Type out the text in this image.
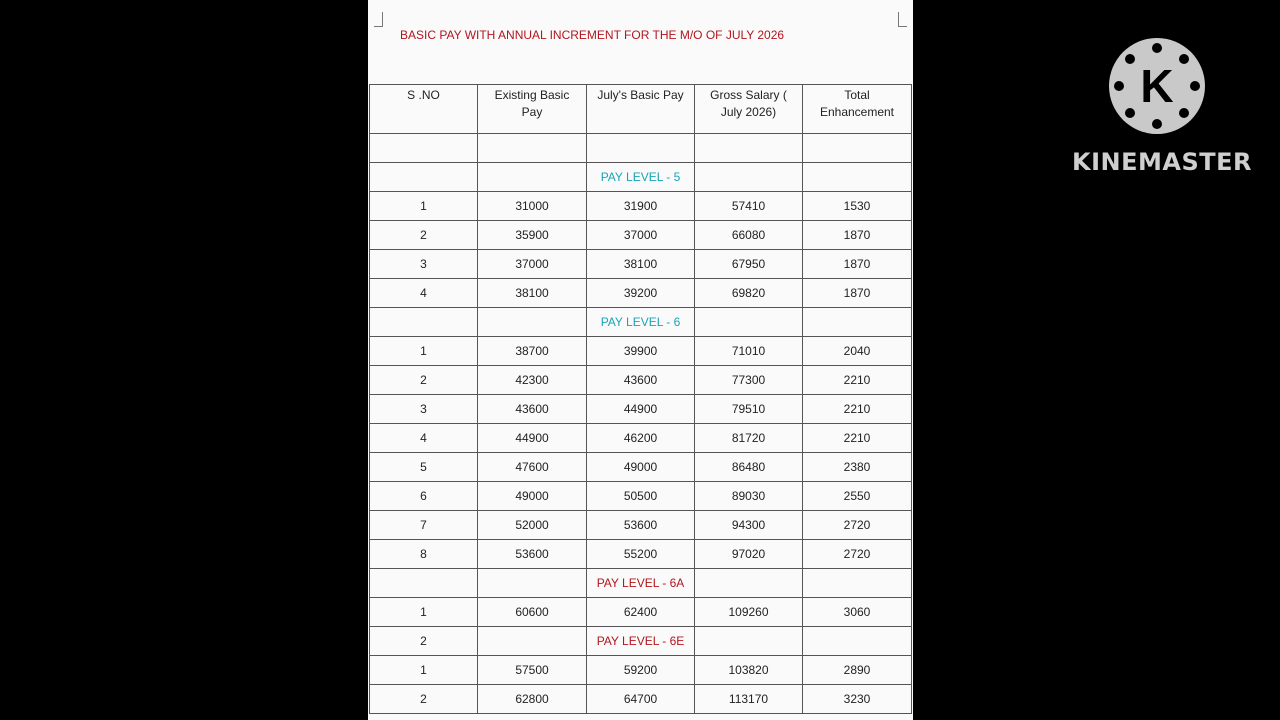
BASIC PAY WITH ANNUAL INCREMENT FOR THE M/O OF JULY 2026
S .NO	Existing Basic Pay	July's Basic Pay	Gross Salary ( July 2026)	Total Enhancement

		PAY LEVEL - 5		
1	31000	31900	57410	1530
2	35900	37000	66080	1870
3	37000	38100	67950	1870
4	38100	39200	69820	1870
		PAY LEVEL - 6		
1	38700	39900	71010	2040
2	42300	43600	77300	2210
3	43600	44900	79510	2210
4	44900	46200	81720	2210
5	47600	49000	86480	2380
6	49000	50500	89030	2550
7	52000	53600	94300	2720
8	53600	55200	97020	2720
		PAY LEVEL - 6A		
1	60600	62400	109260	3060
2		PAY LEVEL - 6E		
1	57500	59200	103820	2890
2	62800	64700	113170	3230
K
KINEMASTER
